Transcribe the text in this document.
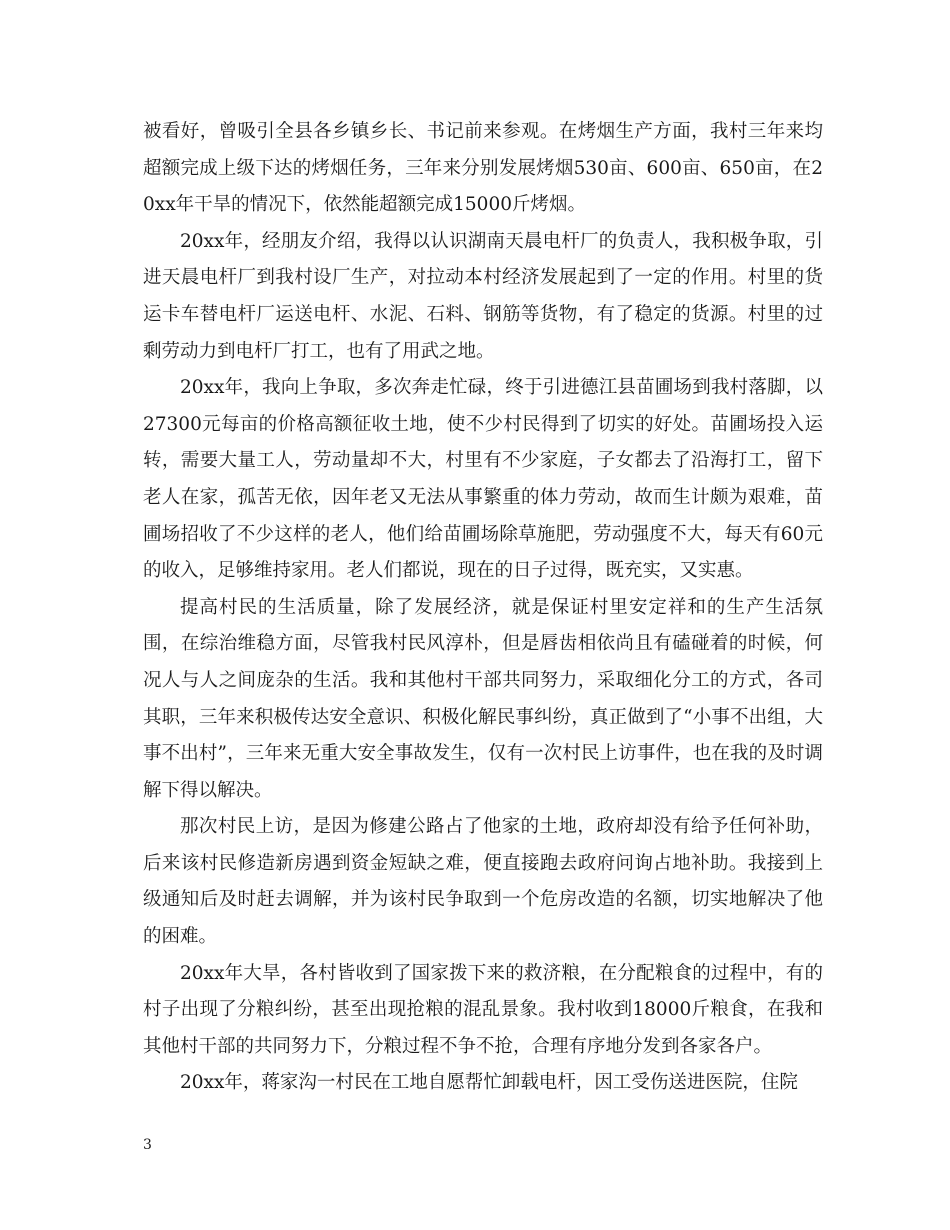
被看好，曾吸引全县各乡镇乡长、书记前来参观。在烤烟生产方面，我村三年来均超额完成上级下达的烤烟任务，三年来分别发展烤烟530亩、600亩、650亩，在20xx年干旱的情况下，依然能超额完成15000斤烤烟。

20xx年，经朋友介绍，我得以认识湖南天晨电杆厂的负责人，我积极争取，引进天晨电杆厂到我村设厂生产，对拉动本村经济发展起到了一定的作用。村里的货运卡车替电杆厂运送电杆、水泥、石料、钢筋等货物，有了稳定的货源。村里的过剩劳动力到电杆厂打工，也有了用武之地。

20xx年，我向上争取，多次奔走忙碌，终于引进德江县苗圃场到我村落脚，以27300元每亩的价格高额征收土地，使不少村民得到了切实的好处。苗圃场投入运转，需要大量工人，劳动量却不大，村里有不少家庭，子女都去了沿海打工，留下老人在家，孤苦无依，因年老又无法从事繁重的体力劳动，故而生计颇为艰难，苗圃场招收了不少这样的老人，他们给苗圃场除草施肥，劳动强度不大，每天有60元的收入，足够维持家用。老人们都说，现在的日子过得，既充实，又实惠。

提高村民的生活质量，除了发展经济，就是保证村里安定祥和的生产生活氛围，在综治维稳方面，尽管我村民风淳朴，但是唇齿相依尚且有磕碰着的时候，何况人与人之间庞杂的生活。我和其他村干部共同努力，采取细化分工的方式，各司其职，三年来积极传达安全意识、积极化解民事纠纷，真正做到了“小事不出组，大事不出村”，三年来无重大安全事故发生，仅有一次村民上访事件，也在我的及时调解下得以解决。

那次村民上访，是因为修建公路占了他家的土地，政府却没有给予任何补助，后来该村民修造新房遇到资金短缺之难，便直接跑去政府问询占地补助。我接到上级通知后及时赶去调解，并为该村民争取到一个危房改造的名额，切实地解决了他的困难。

20xx年大旱，各村皆收到了国家拨下来的救济粮，在分配粮食的过程中，有的村子出现了分粮纠纷，甚至出现抢粮的混乱景象。我村收到18000斤粮食，在我和其他村干部的共同努力下，分粮过程不争不抢，合理有序地分发到各家各户。

20xx年，蒋家沟一村民在工地自愿帮忙卸载电杆，因工受伤送进医院，住院

3
